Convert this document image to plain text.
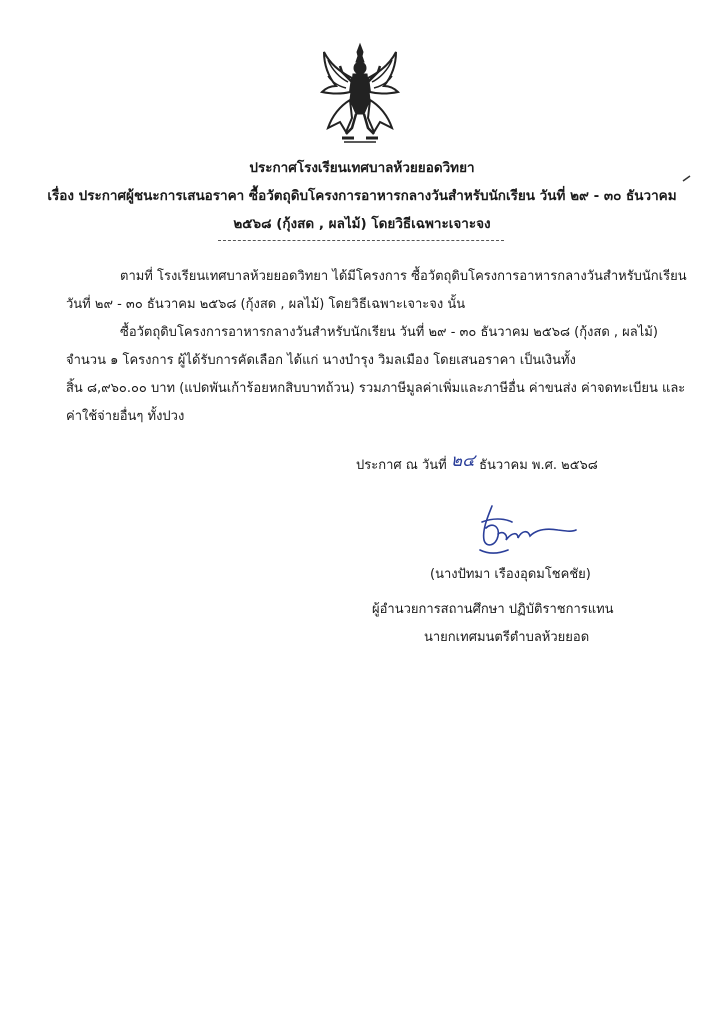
ประกาศโรงเรียนเทศบาลห้วยยอดวิทยา
เรื่อง ประกาศผู้ชนะการเสนอราคา ซื้อวัตถุดิบโครงการอาหารกลางวันสำหรับนักเรียน วันที่ ๒๙ - ๓๐ ธันวาคม
๒๕๖๘ (กุ้งสด , ผลไม้) โดยวิธีเฉพาะเจาะจง
ตามที่ โรงเรียนเทศบาลห้วยยอดวิทยา ได้มีโครงการ ซื้อวัตถุดิบโครงการอาหารกลางวันสำหรับนักเรียน
วันที่ ๒๙ - ๓๐ ธันวาคม ๒๕๖๘ (กุ้งสด , ผลไม้) โดยวิธีเฉพาะเจาะจง นั้น
ซื้อวัตถุดิบโครงการอาหารกลางวันสำหรับนักเรียน วันที่ ๒๙ - ๓๐ ธันวาคม ๒๕๖๘ (กุ้งสด , ผลไม้)
จำนวน ๑ โครงการ ผู้ได้รับการคัดเลือก ได้แก่ นางบำรุง วิมลเมือง โดยเสนอราคา เป็นเงินทั้ง
สิ้น ๘,๙๖๐.๐๐ บาท (แปดพันเก้าร้อยหกสิบบาทถ้วน) รวมภาษีมูลค่าเพิ่มและภาษีอื่น ค่าขนส่ง ค่าจดทะเบียน และ
ค่าใช้จ่ายอื่นๆ ทั้งปวง
ประกาศ ณ วันที่ ๒๔ ธันวาคม พ.ศ. ๒๕๖๘
(นางปัทมา เรืองอุดมโชคชัย)
ผู้อำนวยการสถานศึกษา ปฏิบัติราชการแทน
นายกเทศมนตรีตำบลห้วยยอด
